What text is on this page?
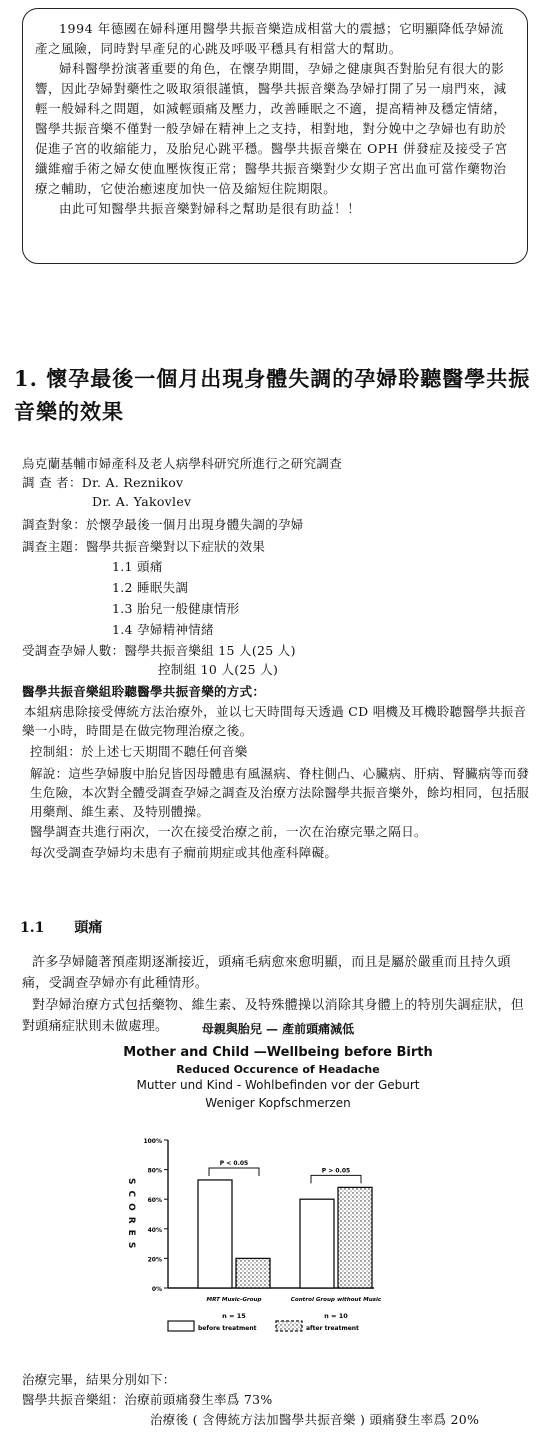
1994 年德國在婦科運用醫學共振音樂造成相當大的震撼；它明顯降低孕婦流產之風險，同時對早產兒的心跳及呼吸平穩具有相當大的幫助。

婦科醫學扮演著重要的角色，在懷孕期間，孕婦之健康與否對胎兒有很大的影響，因此孕婦對藥性之吸取須很謹慎，醫學共振音樂為孕婦打開了另一扇門來，減輕一般婦科之問題，如減輕頭痛及壓力，改善睡眠之不適，提高精神及穩定情緒，醫學共振音樂不僅對一般孕婦在精神上之支持，相對地，對分娩中之孕婦也有助於促進子宮的收縮能力，及胎兒心跳平穩。醫學共振音樂在 OPH 併發症及接受子宮纖維瘤手術之婦女使血壓恢復正常；醫學共振音樂對少女期子宮出血可當作藥物治療之輔助，它使治癒速度加快一倍及縮短住院期限。

由此可知醫學共振音樂對婦科之幫助是很有助益！！

1. 懷孕最後一個月出現身體失調的孕婦聆聽醫學共振音樂的效果
烏克蘭基輔市婦產科及老人病學科研究所進行之研究調查
調 查 者：Dr. A. Reznikov
Dr. A. Yakovlev
調查對象：於懷孕最後一個月出現身體失調的孕婦
調查主題：醫學共振音樂對以下症狀的效果
1.1 頭痛
1.2 睡眠失調
1.3 胎兒一般健康情形
1.4 孕婦精神情緒
受調查孕婦人數：醫學共振音樂組 15 人(25 人)
控制組 10 人(25 人)
醫學共振音樂組聆聽醫學共振音樂的方式：
本組病患除接受傳統方法治療外，並以七天時間每天透過 CD 唱機及耳機聆聽醫學共振音樂一小時，時間是在做完物理治療之後。
控制組：於上述七天期間不聽任何音樂
解說：這些孕婦腹中胎兒皆因母體患有風濕病、脊柱側凸、心臟病、肝病、腎臟病等而發生危險，本次對全體受調查孕婦之調查及治療方法除醫學共振音樂外，餘均相同，包括服用藥劑、維生素、及特別體操。
醫學調查共進行兩次，一次在接受治療之前，一次在治療完畢之隔日。
每次受調查孕婦均未患有子癇前期症或其他產科障礙。
1.1 頭痛
許多孕婦隨著預產期逐漸接近，頭痛毛病愈來愈明顯，而且是屬於嚴重而且持久頭痛，受調查孕婦亦有此種情形。
對孕婦治療方式包括藥物、維生素、及特殊體操以消除其身體上的特別失調症狀，但對頭痛症狀則未做處理。	母親與胎兒 — 產前頭痛減低
Mother and Child —Wellbeing before Birth
Reduced Occurence of Headache
Mutter und Kind - Wohlbefinden vor der Geburt
Weniger Kopfschmerzen
SCORES
0%
20%
40%
60%
80%
100%
MRT Music-Group
n = 15
P < 0.05
Control Group without Music
n = 10
P > 0.05
before treatment	after treatment
治療完畢，結果分別如下：
醫學共振音樂組：治療前頭痛發生率爲 73%
治療後 ( 含傳統方法加醫學共振音樂 ) 頭痛發生率爲 20%
